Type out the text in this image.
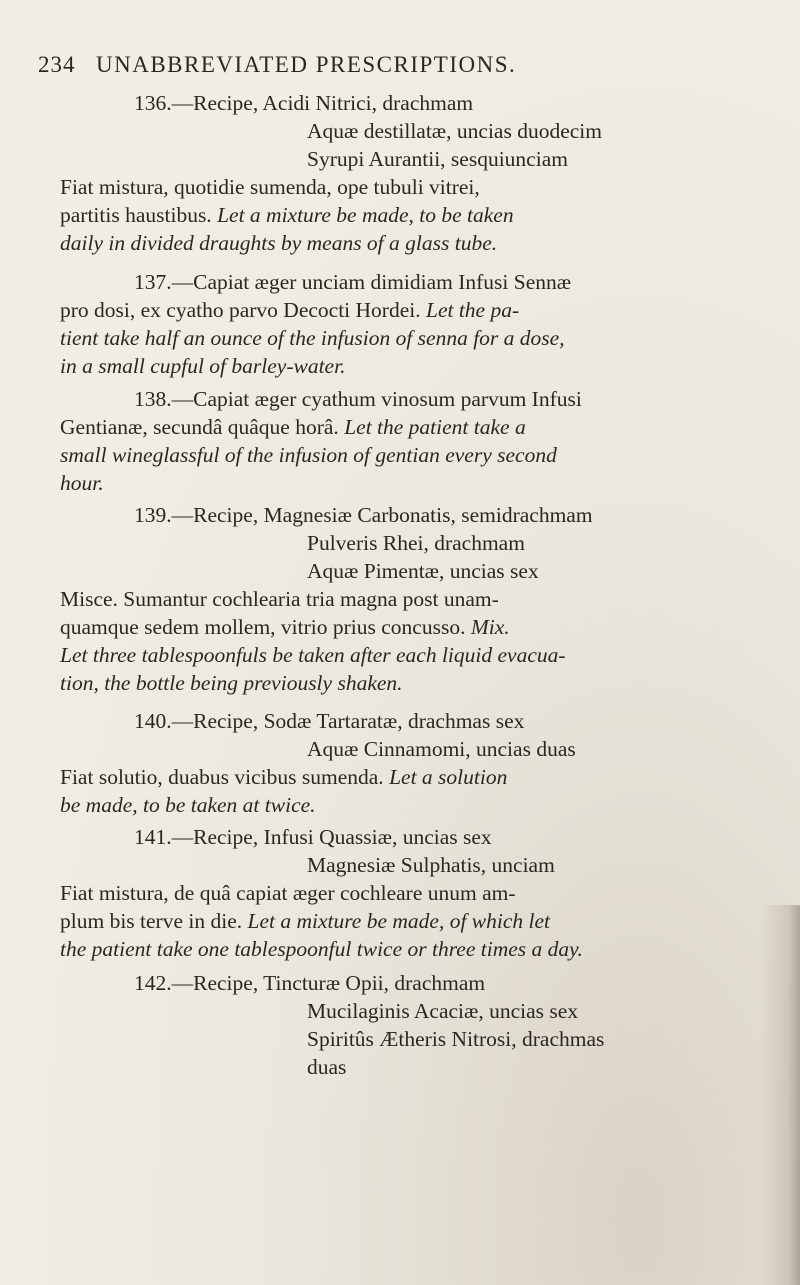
234 UNABBREVIATED PRESCRIPTIONS.
136.—Recipe, Acidi Nitrici, drachmam
Aquæ destillatæ, uncias duodecim
Syrupi Aurantii, sesquiunciam
Fiat mistura, quotidie sumenda, ope tubuli vitrei,
partitis haustibus. Let a mixture be made, to be taken
daily in divided draughts by means of a glass tube.
137.—Capiat æger unciam dimidiam Infusi Sennæ
pro dosi, ex cyatho parvo Decocti Hordei. Let the pa-
tient take half an ounce of the infusion of senna for a dose,
in a small cupful of barley-water.
138.—Capiat æger cyathum vinosum parvum Infusi
Gentianæ, secundâ quâque horâ. Let the patient take a
small wineglassful of the infusion of gentian every second
hour.
139.—Recipe, Magnesiæ Carbonatis, semidrachmam
Pulveris Rhei, drachmam
Aquæ Pimentæ, uncias sex
Misce. Sumantur cochlearia tria magna post unam-
quamque sedem mollem, vitrio prius concusso. Mix.
Let three tablespoonfuls be taken after each liquid evacua-
tion, the bottle being previously shaken.
140.—Recipe, Sodæ Tartaratæ, drachmas sex
Aquæ Cinnamomi, uncias duas
Fiat solutio, duabus vicibus sumenda. Let a solution
be made, to be taken at twice.
141.—Recipe, Infusi Quassiæ, uncias sex
Magnesiæ Sulphatis, unciam
Fiat mistura, de quâ capiat æger cochleare unum am-
plum bis terve in die. Let a mixture be made, of which let
the patient take one tablespoonful twice or three times a day.
142.—Recipe, Tincturæ Opii, drachmam
Mucilaginis Acaciæ, uncias sex
Spiritûs Ætheris Nitrosi, drachmas
duas
